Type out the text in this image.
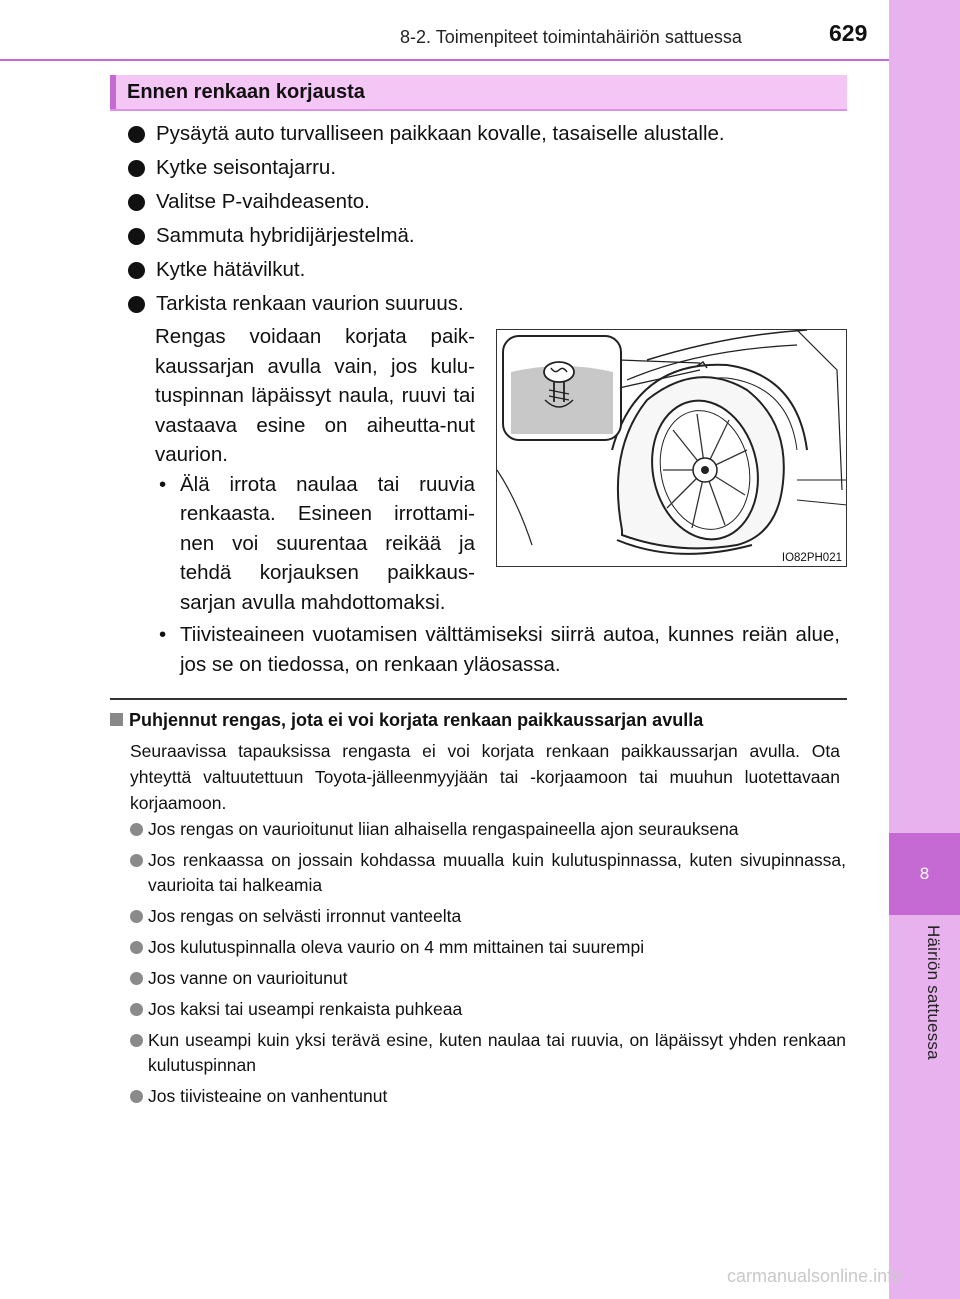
8
Häiriön sattuessa
8-2. Toimenpiteet toimintahäiriön sattuessa	629
Ennen renkaan korjausta
Pysäytä auto turvalliseen paikkaan kovalle, tasaiselle alustalle.
Kytke seisontajarru.
Valitse P-vaihdeasento.
Sammuta hybridijärjestelmä.
Kytke hätävilkut.
Tarkista renkaan vaurion suuruus.
Rengas voidaan korjata paik-kaussarjan avulla vain, jos kulu-tuspinnan läpäissyt naula, ruuvi tai vastaava esine on aiheutta-nut vaurion.
• Älä irrota naulaa tai ruuvia renkaasta. Esineen irrottami-nen voi suurentaa reikää ja tehdä korjauksen paikkaus-sarjan avulla mahdottomaksi.
• Tiivisteaineen vuotamisen välttämiseksi siirrä autoa, kunnes reiän alue, jos se on tiedossa, on renkaan yläosassa.
IO82PH021
Puhjennut rengas, jota ei voi korjata renkaan paikkaussarjan avulla
Seuraavissa tapauksissa rengasta ei voi korjata renkaan paikkaussarjan avulla. Ota yhteyttä valtuutettuun Toyota-jälleenmyyjään tai -korjaamoon tai muuhun luotettavaan korjaamoon.
Jos rengas on vaurioitunut liian alhaisella rengaspaineella ajon seurauksena
Jos renkaassa on jossain kohdassa muualla kuin kulutuspinnassa, kuten sivupinnassa, vaurioita tai halkeamia
Jos rengas on selvästi irronnut vanteelta
Jos kulutuspinnalla oleva vaurio on 4 mm mittainen tai suurempi
Jos vanne on vaurioitunut
Jos kaksi tai useampi renkaista puhkeaa
Kun useampi kuin yksi terävä esine, kuten naulaa tai ruuvia, on läpäissyt yhden renkaan kulutuspinnan
Jos tiivisteaine on vanhentunut
carmanualsonline.info
